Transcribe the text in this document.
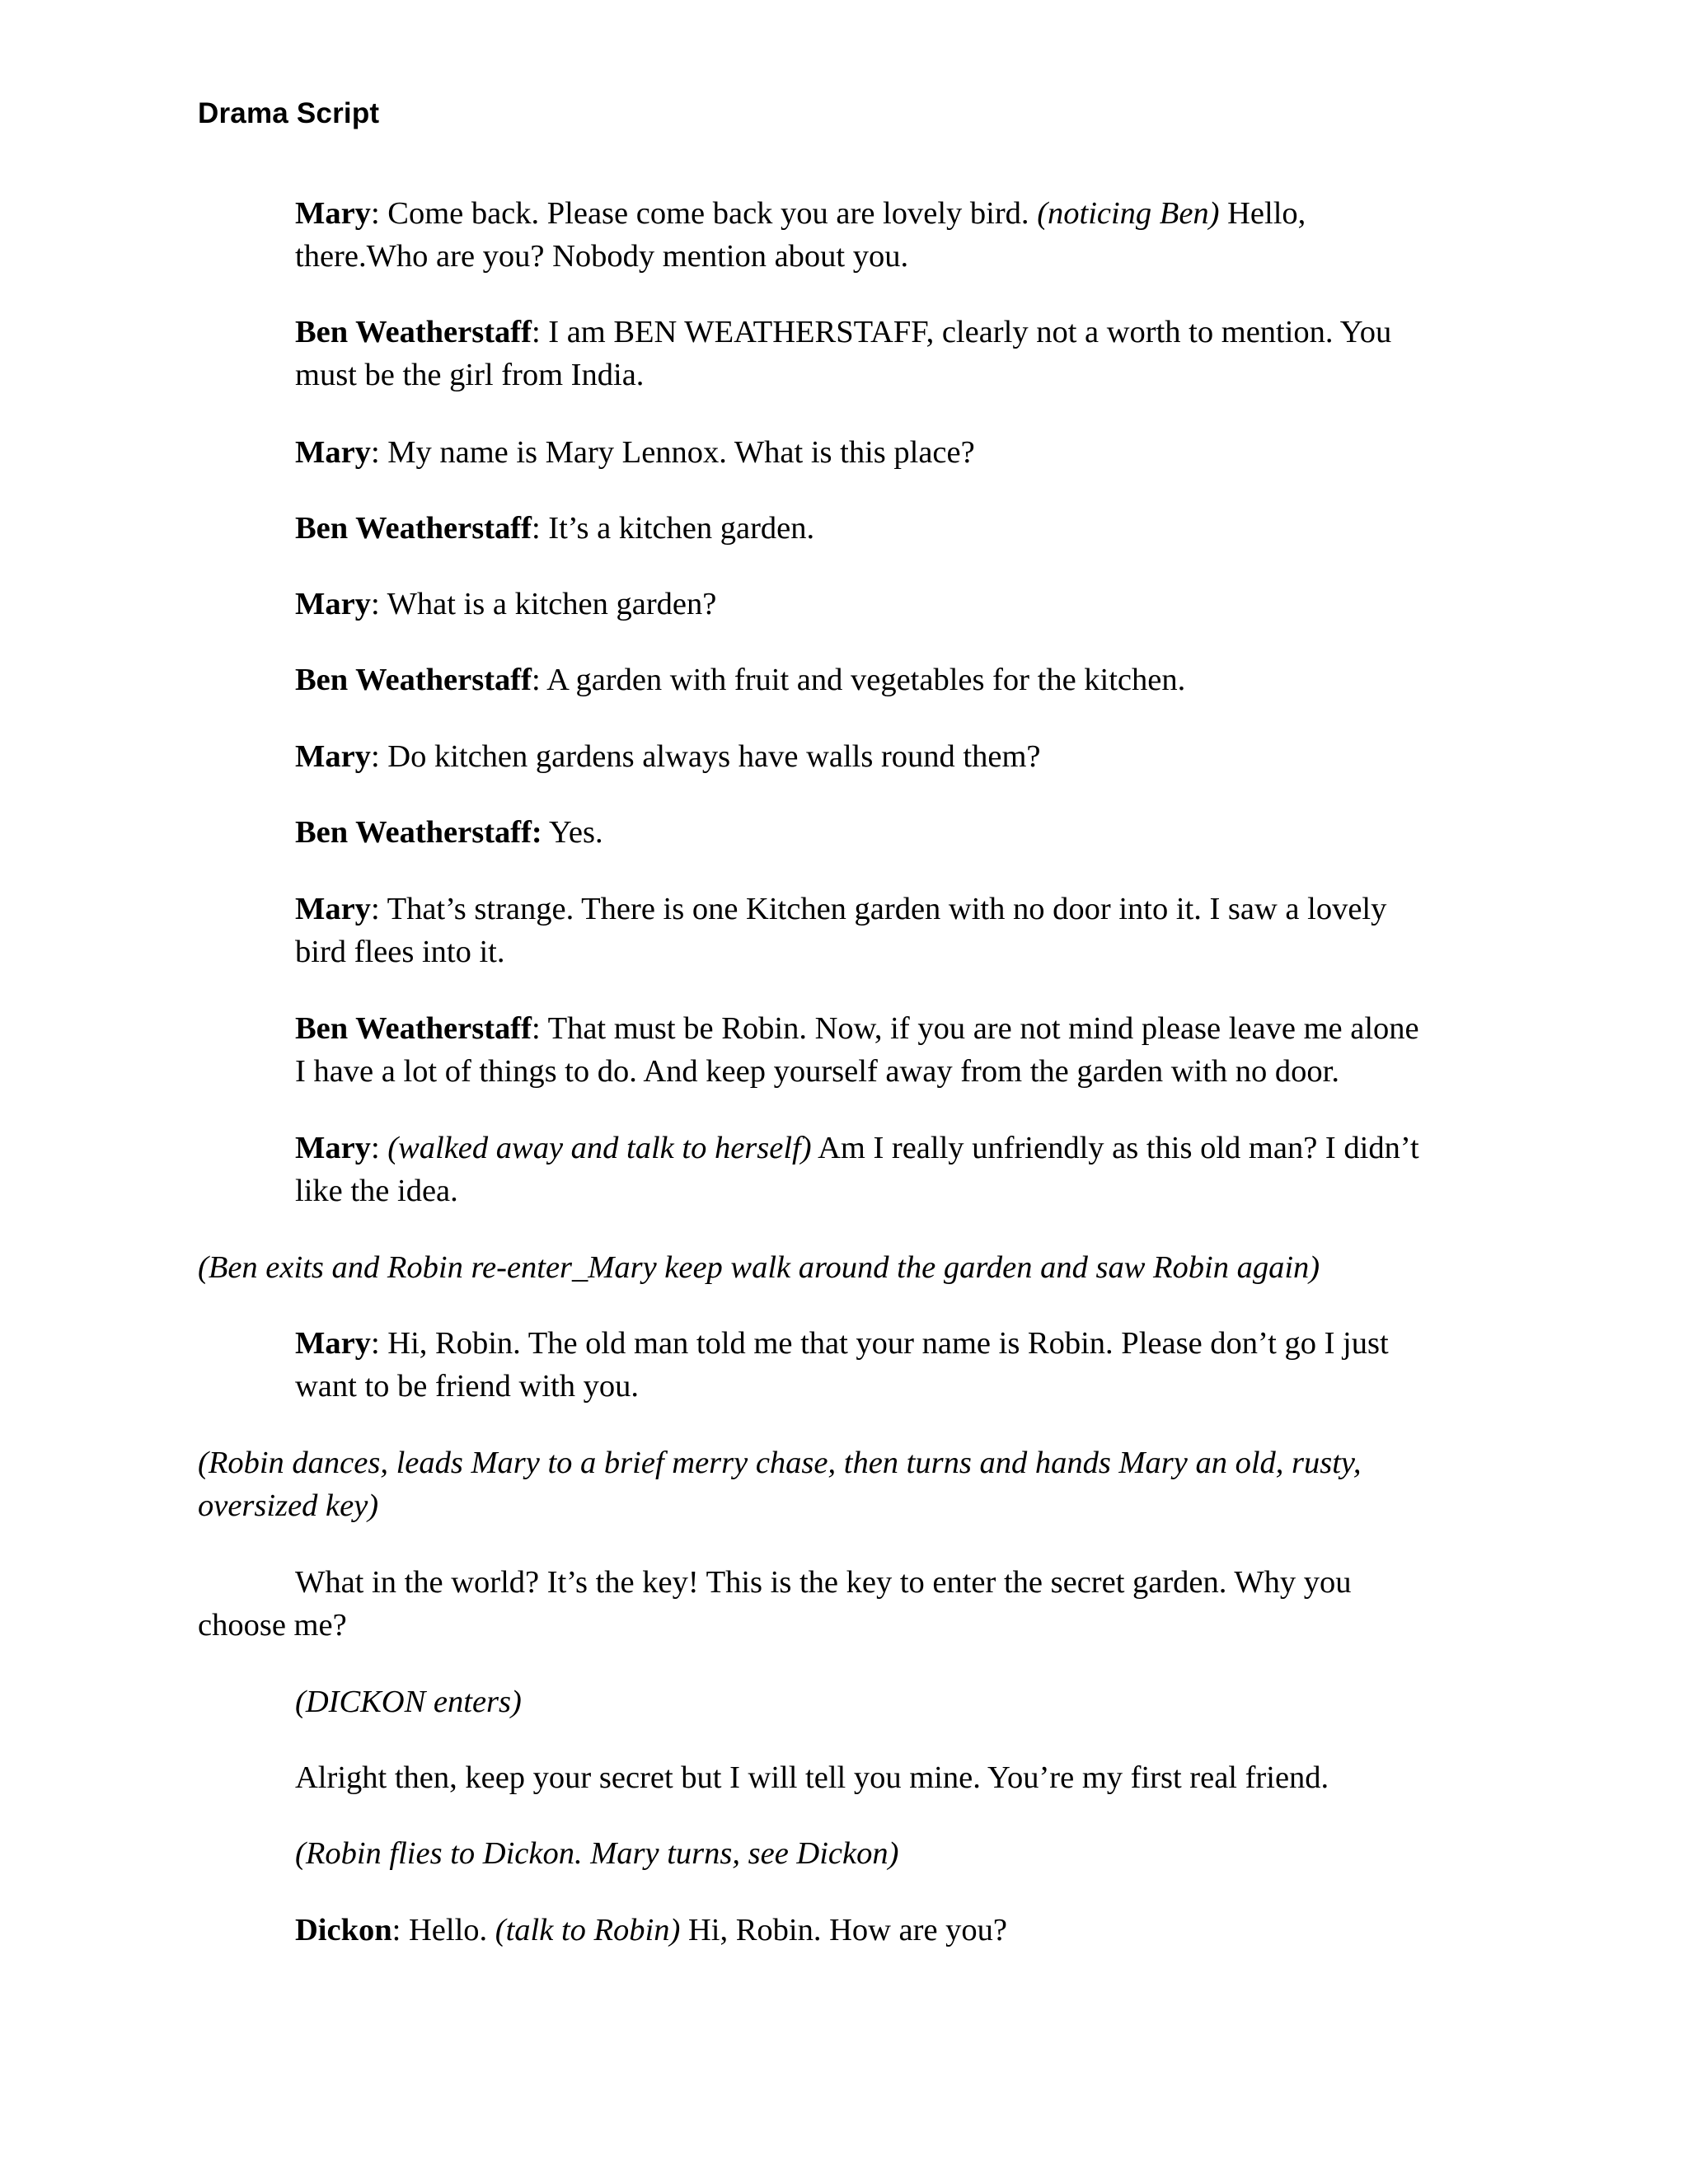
Drama Script

Mary: Come back. Please come back you are lovely bird. (noticing Ben) Hello,

there.Who are you? Nobody mention about you.

Ben Weatherstaff: I am BEN WEATHERSTAFF, clearly not a worth to mention. You

must be the girl from India.

Mary: My name is Mary Lennox. What is this place?

Ben Weatherstaff: It’s a kitchen garden.

Mary: What is a kitchen garden?

Ben Weatherstaff: A garden with fruit and vegetables for the kitchen.

Mary: Do kitchen gardens always have walls round them?

Ben Weatherstaff: Yes.

Mary: That’s strange. There is one Kitchen garden with no door into it. I saw a lovely

bird flees into it.

Ben Weatherstaff: That must be Robin. Now, if you are not mind please leave me alone

I have a lot of things to do. And keep yourself away from the garden with no door.

Mary: (walked away and talk to herself) Am I really unfriendly as this old man? I didn’t

like the idea.

(Ben exits and Robin re-enter_Mary keep walk around the garden and saw Robin again)

Mary: Hi, Robin. The old man told me that your name is Robin. Please don’t go I just

want to be friend with you.

(Robin dances, leads Mary to a brief merry chase, then turns and hands Mary an old, rusty,

oversized key)

What in the world? It’s the key! This is the key to enter the secret garden. Why you

choose me?

(DICKON enters)

Alright then, keep your secret but I will tell you mine. You’re my first real friend.

(Robin flies to Dickon. Mary turns, see Dickon)

Dickon: Hello. (talk to Robin) Hi, Robin. How are you?
